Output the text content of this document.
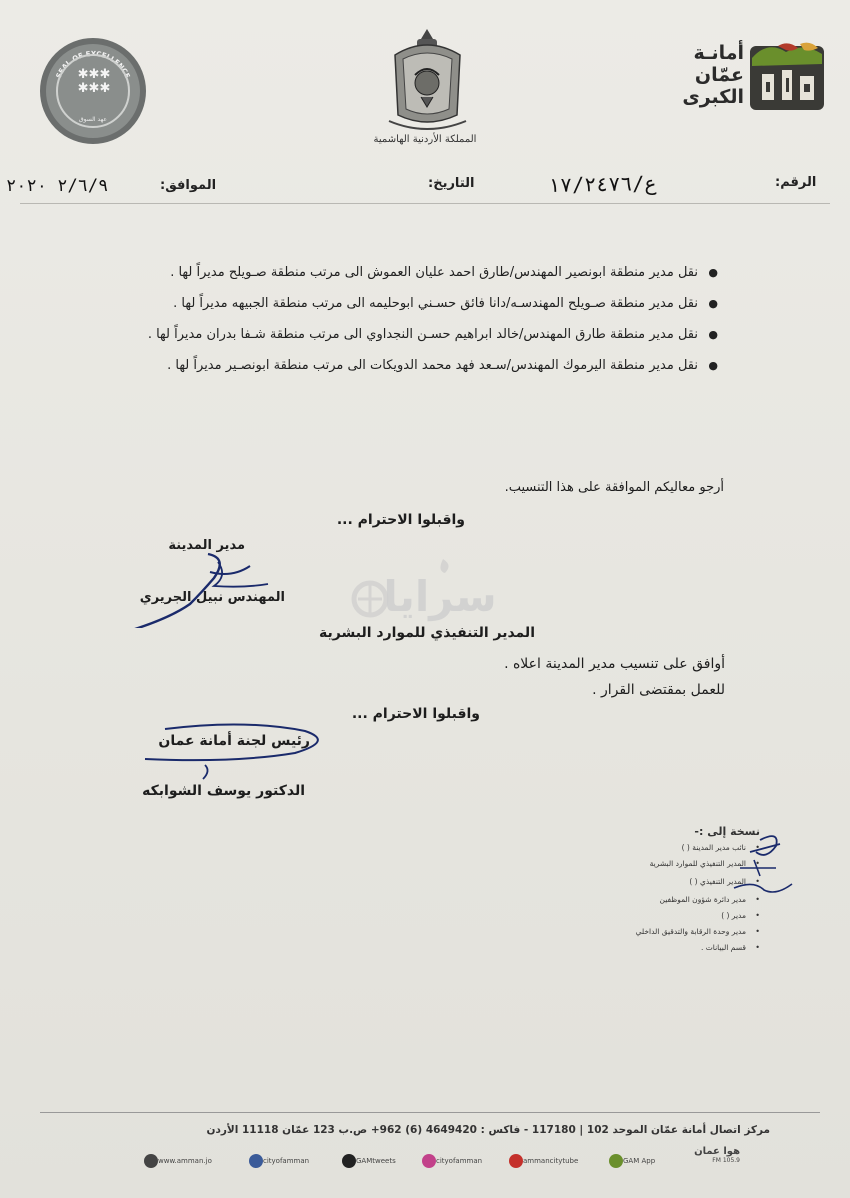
SEAL OF EXCELLENCE
✱✱✱
✱✱✱
عهد السوق
المملكة الأردنية الهاشمية
أمانـة
عمّان
الكبرى
الرقم:
ع/١٧/٢٤٧٦
التاريخ:
الموافق:
٢/٦/٩ ٢٠٢٠
●
نقل مدير منطقة ابونصير المهندس/طارق احمد عليان العموش الى مرتب منطقة صـويلح مديراً لها .
●
نقل مدير منطقة صـويلح المهندسـه/دانا فائق حسـني ابوحليمه الى مرتب منطقة الجبيهه مديراً لها .
●
نقل مدير منطقة طارق المهندس/خالد ابراهيم حسـن النجداوي الى مرتب منطقة شـفا بدران مديراً لها .
●
نقل مدير منطقة اليرموك المهندس/سـعد فهد محمد الدويكات الى مرتب منطقة ابونصـير مديراً لها .
أرجو معاليكم الموافقة على هذا التنسيب.
واقبلوا الاحترام ...
مدير المدينة
المهندس نبيل الجريري سرايا
المدير التنفيذي للموارد البشرية
أوافق على تنسيب مدير المدينة اعلاه .
للعمل بمقتضى القرار .
واقبلوا الاحترام ...
رئيس لجنة أمانة عمان
الدكتور يوسف الشوابكه
نسخة إلى :-
نائب مدير المدينة ( ) •
المدير التنفيذي للموارد البشرية •
المدير التنفيذي ( ) •
مدير دائرة شؤون الموظفين •
مدير ( ) •
مدير وحدة الرقابة والتدقيق الداخلي •
قسم البيانات . •
مركز اتصال أمانة عمّان الموحد 102 | 117180 - فاكس : 4649420 (6) 962+ ص.ب 123 عمّان 11118 الأردن
www.amman.jo	cityofamman	GAMtweets	cityofamman	ammancitytube	GAM App
هوا عمان
105.9 FM
